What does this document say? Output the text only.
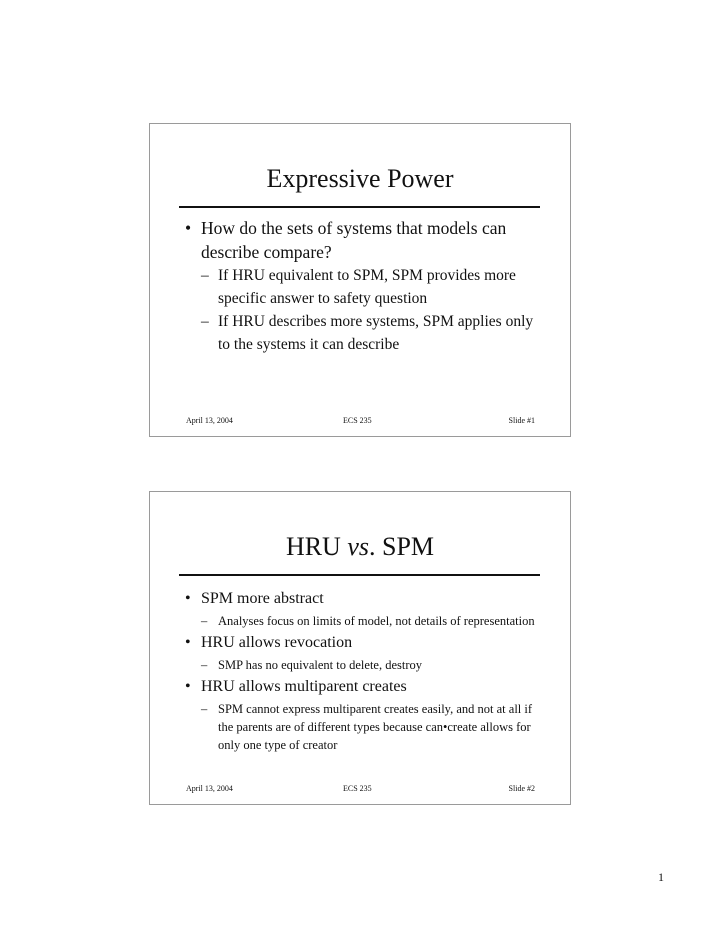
Expressive Power
• How do the sets of systems that models can describe compare?
– If HRU equivalent to SPM, SPM provides more specific answer to safety question
– If HRU describes more systems, SPM applies only to the systems it can describe
April 13, 2004	ECS 235	Slide #1
HRU vs. SPM
• SPM more abstract
– Analyses focus on limits of model, not details of representation
• HRU allows revocation
– SMP has no equivalent to delete, destroy
• HRU allows multiparent creates
– SPM cannot express multiparent creates easily, and not at all if the parents are of different types because can•create allows for only one type of creator
April 13, 2004	ECS 235	Slide #2
1
